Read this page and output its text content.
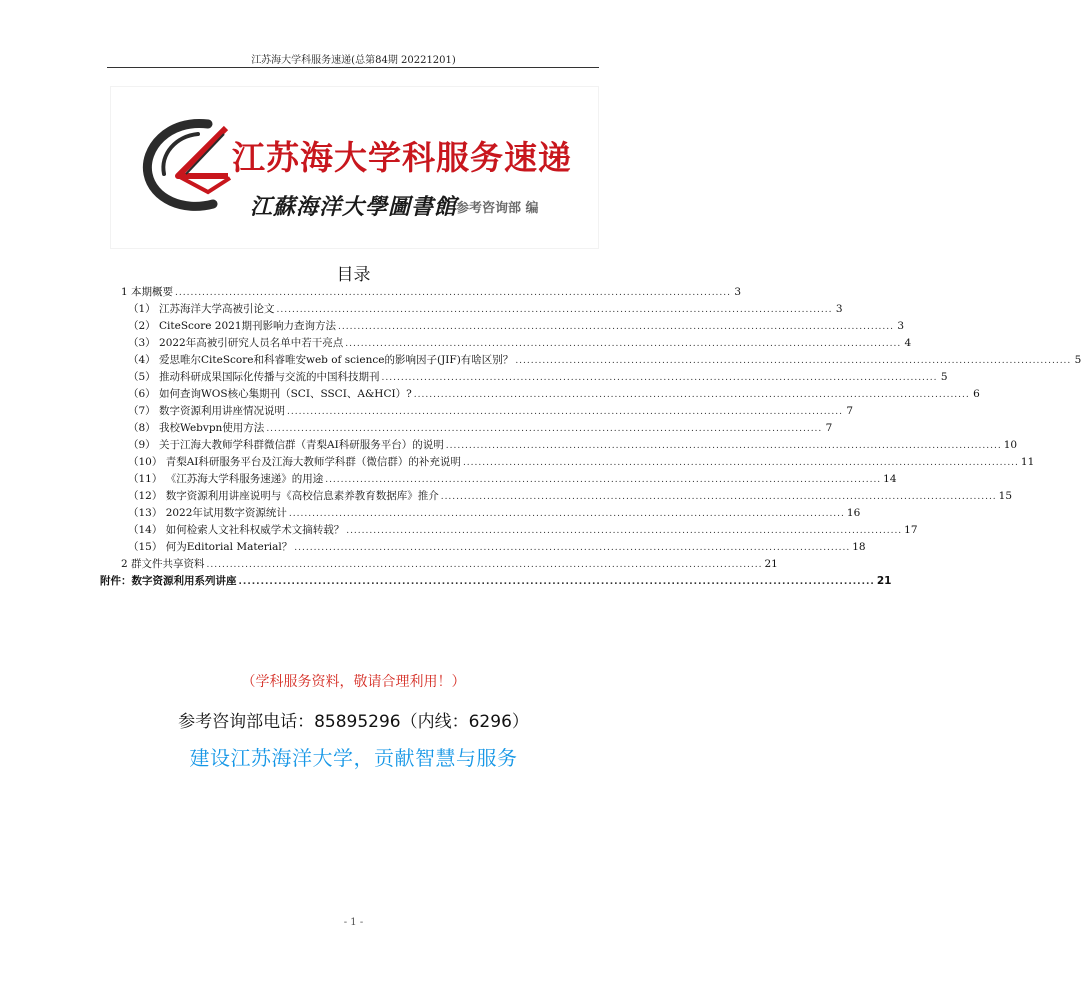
江苏海大学科服务速递(总第84期 20221201)
江苏海大学科服务速递
江蘇海洋大學圖書館
参考咨询部 编
目录
1 本期概要 ................................................................................................................................................ 3
（1） 江苏海洋大学高被引论文 ................................................................................................................................................ 3
（2） CiteScore 2021期刊影响力查询方法 ................................................................................................................................................ 3
（3） 2022年高被引研究人员名单中若干亮点 ................................................................................................................................................ 4
（4） 爱思唯尔CiteScore和科睿唯安web of science的影响因子(JIF)有啥区别？ ................................................................................................................................................ 5
（5） 推动科研成果国际化传播与交流的中国科技期刊 ................................................................................................................................................ 5
（6） 如何查询WOS核心集期刊（SCI、SSCI、A&HCI）? ................................................................................................................................................ 6
（7） 数字资源利用讲座情况说明 ................................................................................................................................................ 7
（8） 我校Webvpn使用方法 ................................................................................................................................................ 7
（9） 关于江海大教师学科群微信群（青梨AI科研服务平台）的说明 ................................................................................................................................................ 10
（10） 青梨AI科研服务平台及江海大教师学科群（微信群）的补充说明 ................................................................................................................................................ 11
（11） 《江苏海大学科服务速递》的用途 ................................................................................................................................................ 14
（12） 数字资源利用讲座说明与《高校信息素养教育数据库》推介 ................................................................................................................................................ 15
（13） 2022年试用数字资源统计 ................................................................................................................................................ 16
（14） 如何检索人文社科权威学术文摘转载？ ................................................................................................................................................ 17
（15） 何为Editorial Material？ ................................................................................................................................................ 18
2 群文件共享资料 ................................................................................................................................................ 21
附件：数字资源利用系列讲座 ................................................................................................................................................ 21
（学科服务资料，敬请合理利用！）
参考咨询部电话：85895296（内线：6296）
建设江苏海洋大学，贡献智慧与服务
- 1 -
